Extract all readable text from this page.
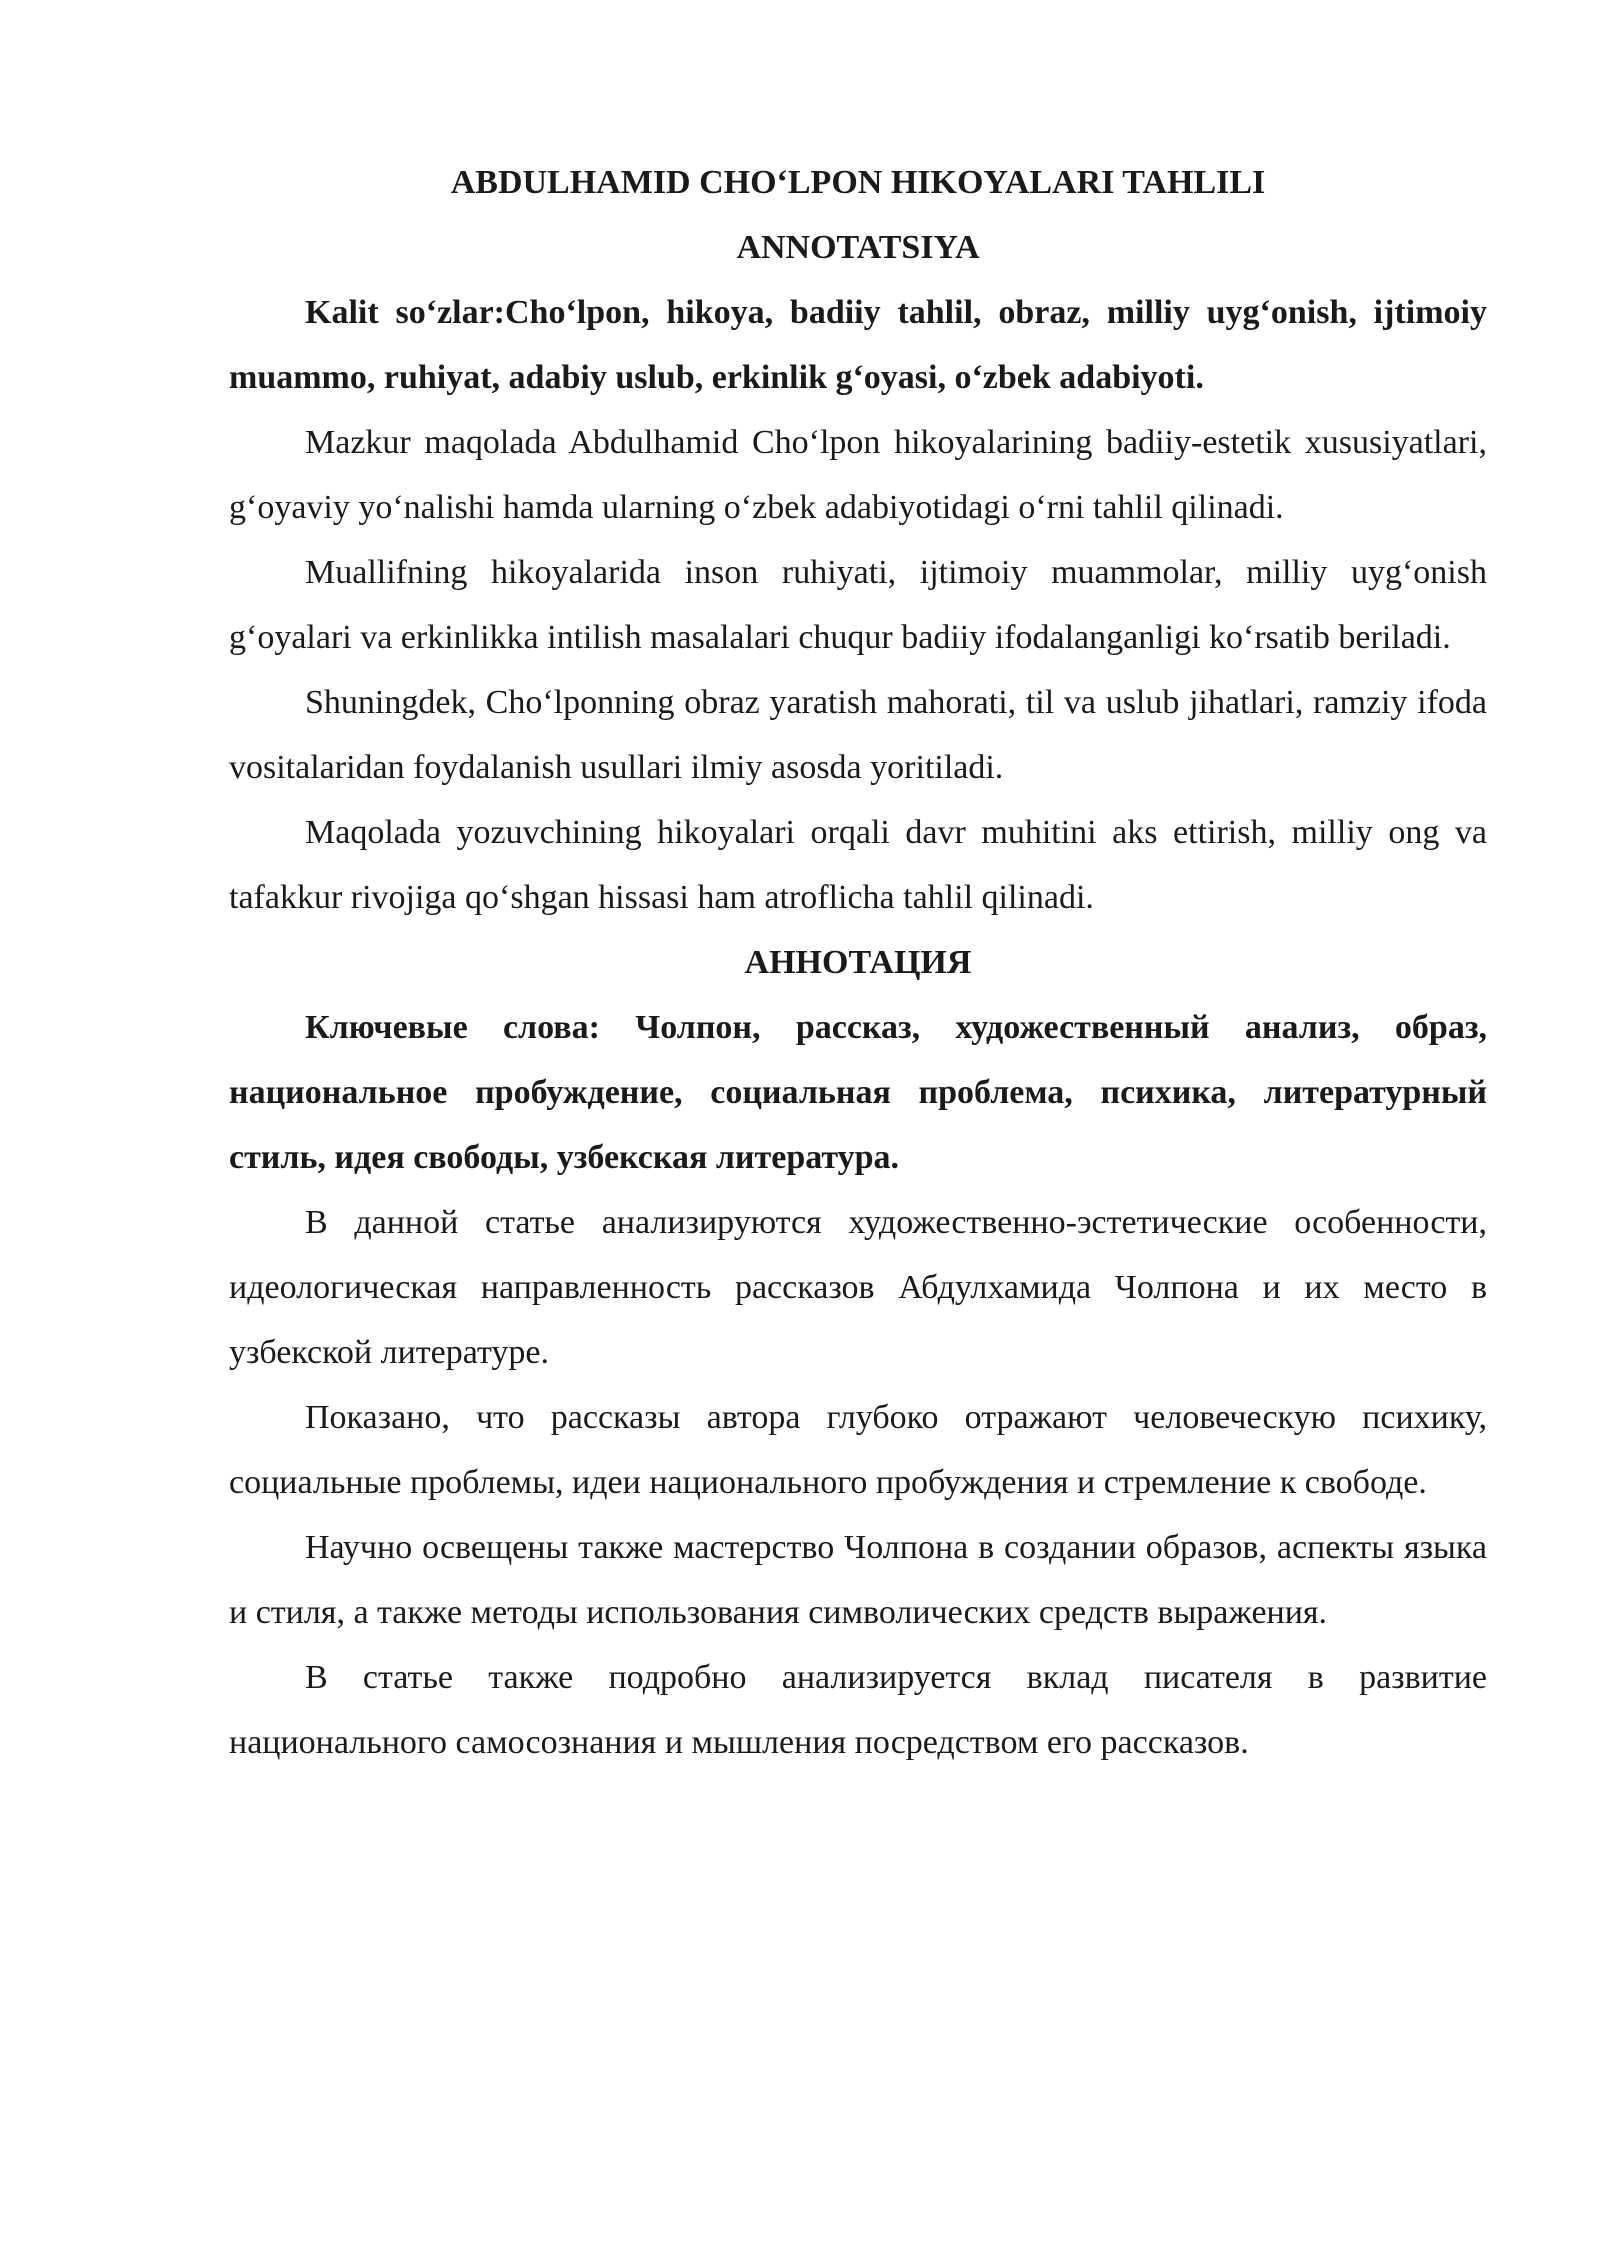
ABDULHAMID CHO‘LPON HIKOYALARI TAHLILI

ANNOTATSIYA

Kalit so‘zlar:Cho‘lpon, hikoya, badiiy tahlil, obraz, milliy uyg‘onish, ijtimoiy muammo, ruhiyat, adabiy uslub, erkinlik g‘oyasi, o‘zbek adabiyoti.

Mazkur maqolada Abdulhamid Cho‘lpon hikoyalarining badiiy-estetik xususiyatlari, g‘oyaviy yo‘nalishi hamda ularning o‘zbek adabiyotidagi o‘rni tahlil qilinadi.

Muallifning hikoyalarida inson ruhiyati, ijtimoiy muammolar, milliy uyg‘onish g‘oyalari va erkinlikka intilish masalalari chuqur badiiy ifodalanganligi ko‘rsatib beriladi.

Shuningdek, Cho‘lponning obraz yaratish mahorati, til va uslub jihatlari, ramziy ifoda vositalaridan foydalanish usullari ilmiy asosda yoritiladi.

Maqolada yozuvchining hikoyalari orqali davr muhitini aks ettirish, milliy ong va tafakkur rivojiga qo‘shgan hissasi ham atroflicha tahlil qilinadi.

АННОТАЦИЯ

Ключевые слова: Чолпон, рассказ, художественный анализ, образ, национальное пробуждение, социальная проблема, психика, литературный стиль, идея свободы, узбекская литература.

В данной статье анализируются художественно-эстетические особенности, идеологическая направленность рассказов Абдулхамида Чолпона и их место в узбекской литературе.

Показано, что рассказы автора глубоко отражают человеческую психику, социальные проблемы, идеи национального пробуждения и стремление к свободе.

Научно освещены также мастерство Чолпона в создании образов, аспекты языка и стиля, а также методы использования символических средств выражения.

В статье также подробно анализируется вклад писателя в развитие национального самосознания и мышления посредством его рассказов.
